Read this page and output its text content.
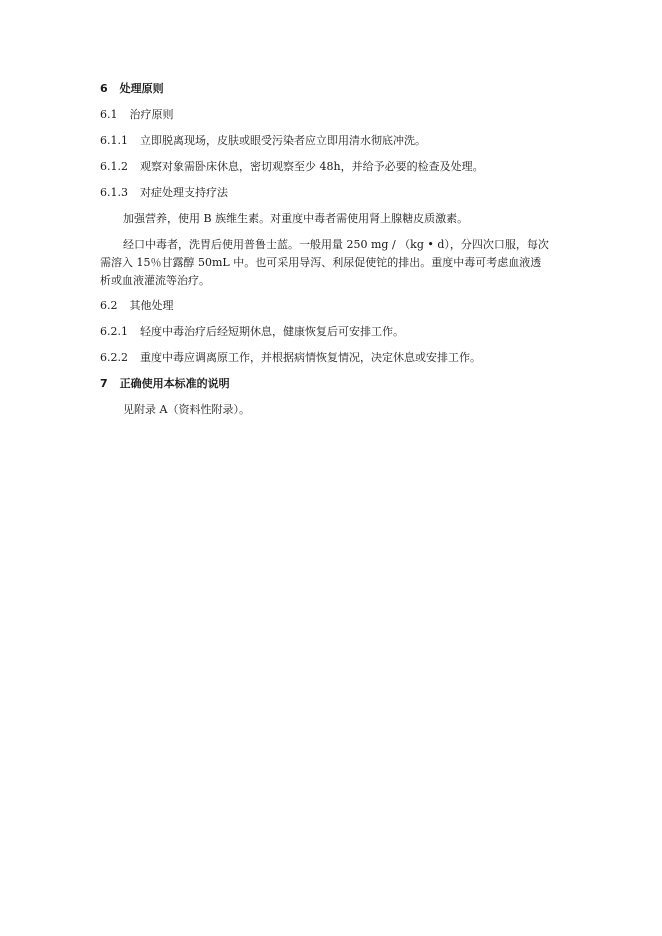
6 处理原则
6.1 治疗原则
6.1.1 立即脱离现场，皮肤或眼受污染者应立即用清水彻底冲洗。
6.1.2 观察对象需卧床休息，密切观察至少 48h，并给予必要的检查及处理。
6.1.3 对症处理支持疗法
加强营养，使用 B 族维生素。对重度中毒者需使用肾上腺糖皮质激素。
经口中毒者，洗胃后使用普鲁士蓝。一般用量 250 mg / （kg • d），分四次口服，每次
需溶入 15％甘露醇 50mL 中。也可采用导泻、利尿促使铊的排出。重度中毒可考虑血液透
析或血液灌流等治疗。
6.2 其他处理
6.2.1 轻度中毒治疗后经短期休息，健康恢复后可安排工作。
6.2.2 重度中毒应调离原工作，并根据病情恢复情况，决定休息或安排工作。
7 正确使用本标准的说明
见附录 A（资料性附录）。
